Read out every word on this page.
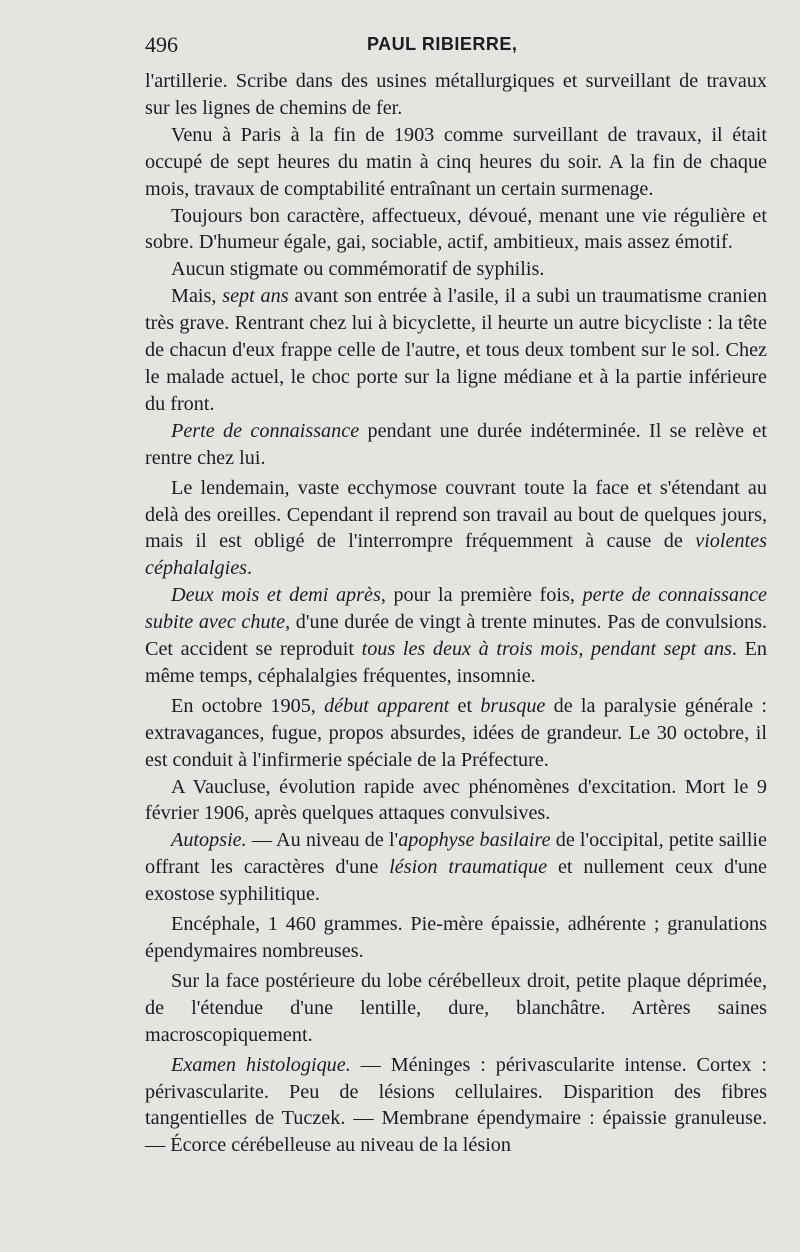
496	PAUL RIBIERRE,

l'artillerie. Scribe dans des usines métallurgiques et surveillant de travaux sur les lignes de chemins de fer.

Venu à Paris à la fin de 1903 comme surveillant de travaux, il était occupé de sept heures du matin à cinq heures du soir. A la fin de chaque mois, travaux de comptabilité entraînant un certain surmenage.

Toujours bon caractère, affectueux, dévoué, menant une vie régulière et sobre. D'humeur égale, gai, sociable, actif, ambitieux, mais assez émotif.

Aucun stigmate ou commémoratif de syphilis.

Mais, sept ans avant son entrée à l'asile, il a subi un traumatisme cranien très grave. Rentrant chez lui à bicyclette, il heurte un autre bicycliste : la tête de chacun d'eux frappe celle de l'autre, et tous deux tombent sur le sol. Chez le malade actuel, le choc porte sur la ligne médiane et à la partie inférieure du front.

Perte de connaissance pendant une durée indéterminée. Il se relève et rentre chez lui.

Le lendemain, vaste ecchymose couvrant toute la face et s'étendant au delà des oreilles. Cependant il reprend son travail au bout de quelques jours, mais il est obligé de l'interrompre fréquemment à cause de violentes céphalalgies.

Deux mois et demi après, pour la première fois, perte de connaissance subite avec chute, d'une durée de vingt à trente minutes. Pas de convulsions. Cet accident se reproduit tous les deux à trois mois, pendant sept ans. En même temps, céphalalgies fréquentes, insomnie.

En octobre 1905, début apparent et brusque de la paralysie générale : extravagances, fugue, propos absurdes, idées de grandeur. Le 30 octobre, il est conduit à l'infirmerie spéciale de la Préfecture.

A Vaucluse, évolution rapide avec phénomènes d'excitation. Mort le 9 février 1906, après quelques attaques convulsives.

Autopsie. — Au niveau de l'apophyse basilaire de l'occipital, petite saillie offrant les caractères d'une lésion traumatique et nullement ceux d'une exostose syphilitique.

Encéphale, 1 460 grammes. Pie-mère épaissie, adhérente ; granulations épendymaires nombreuses.

Sur la face postérieure du lobe cérébelleux droit, petite plaque déprimée, de l'étendue d'une lentille, dure, blanchâtre. Artères saines macroscopiquement.

Examen histologique. — Méninges : périvascularite intense. Cortex : périvascularite. Peu de lésions cellulaires. Disparition des fibres tangentielles de Tuczek. — Membrane épendymaire : épaissie granuleuse. — Écorce cérébelleuse au niveau de la lésion
